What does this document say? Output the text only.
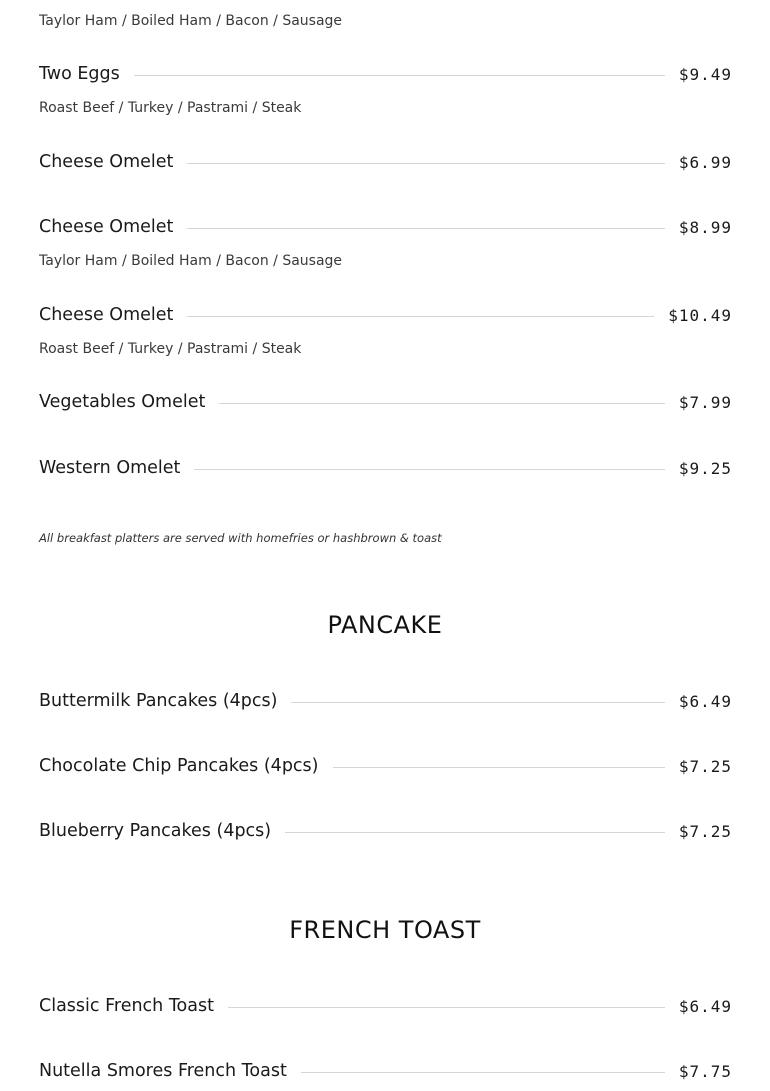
Taylor Ham / Boiled Ham / Bacon / Sausage
Two Eggs	$9.49
Roast Beef / Turkey / Pastrami / Steak
Cheese Omelet	$6.99
Cheese Omelet	$8.99
Taylor Ham / Boiled Ham / Bacon / Sausage
Cheese Omelet	$10.49
Roast Beef / Turkey / Pastrami / Steak
Vegetables Omelet	$7.99
Western Omelet	$9.25
All breakfast platters are served with homefries or hashbrown & toast
PANCAKE
Buttermilk Pancakes (4pcs)	$6.49
Chocolate Chip Pancakes (4pcs)	$7.25
Blueberry Pancakes (4pcs)	$7.25
FRENCH TOAST
Classic French Toast	$6.49
Nutella Smores French Toast	$7.75
